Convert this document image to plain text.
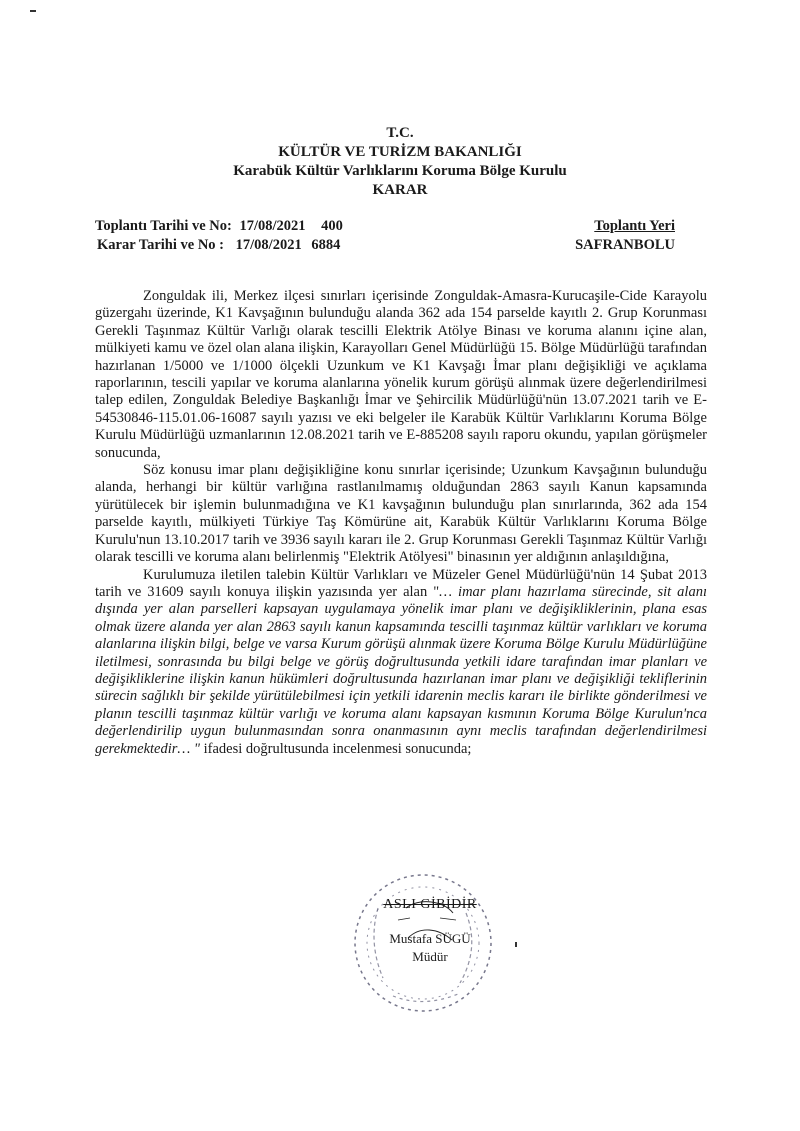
T.C.
KÜLTÜR VE TURİZM BAKANLIĞI
Karabük Kültür Varlıklarını Koruma Bölge Kurulu
KARAR
Toplantı Tarihi ve No: 17/08/2021 400	Toplantı Yeri
Karar Tarihi ve No : 17/08/2021 6884	SAFRANBOLU

Zonguldak ili, Merkez ilçesi sınırları içerisinde Zonguldak-Amasra-Kurucaşile-Cide Karayolu güzergahı üzerinde, K1 Kavşağının bulunduğu alanda 362 ada 154 parselde kayıtlı 2. Grup Korunması Gerekli Taşınmaz Kültür Varlığı olarak tescilli Elektrik Atölye Binası ve koruma alanını içine alan, mülkiyeti kamu ve özel olan alana ilişkin, Karayolları Genel Müdürlüğü 15. Bölge Müdürlüğü tarafından hazırlanan 1/5000 ve 1/1000 ölçekli Uzunkum ve K1 Kavşağı İmar planı değişikliği ve açıklama raporlarının, tescili yapılar ve koruma alanlarına yönelik kurum görüşü alınmak üzere değerlendirilmesi talep edilen, Zonguldak Belediye Başkanlığı İmar ve Şehircilik Müdürlüğü'nün 13.07.2021 tarih ve E-54530846-115.01.06-16087 sayılı yazısı ve eki belgeler ile Karabük Kültür Varlıklarını Koruma Bölge Kurulu Müdürlüğü uzmanlarının 12.08.2021 tarih ve E-885208 sayılı raporu okundu, yapılan görüşmeler sonucunda,

Söz konusu imar planı değişikliğine konu sınırlar içerisinde; Uzunkum Kavşağının bulunduğu alanda, herhangi bir kültür varlığına rastlanılmamış olduğundan 2863 sayılı Kanun kapsamında yürütülecek bir işlemin bulunmadığına ve K1 kavşağının bulunduğu plan sınırlarında, 362 ada 154 parselde kayıtlı, mülkiyeti Türkiye Taş Kömürüne ait, Karabük Kültür Varlıklarını Koruma Bölge Kurulu'nun 13.10.2017 tarih ve 3936 sayılı kararı ile 2. Grup Korunması Gerekli Taşınmaz Kültür Varlığı olarak tescilli ve koruma alanı belirlenmiş "Elektrik Atölyesi" binasının yer aldığının anlaşıldığına,

Kurulumuza iletilen talebin Kültür Varlıkları ve Müzeler Genel Müdürlüğü'nün 14 Şubat 2013 tarih ve 31609 sayılı konuya ilişkin yazısında yer alan "… imar planı hazırlama sürecinde, sit alanı dışında yer alan parselleri kapsayan uygulamaya yönelik imar planı ve değişikliklerinin, plana esas olmak üzere alanda yer alan 2863 sayılı kanun kapsamında tescilli taşınmaz kültür varlıkları ve koruma alanlarına ilişkin bilgi, belge ve varsa Kurum görüşü alınmak üzere Koruma Bölge Kurulu Müdürlüğüne iletilmesi, sonrasında bu bilgi belge ve görüş doğrultusunda yetkili idare tarafından imar planları ve değişikliklerine ilişkin kanun hükümleri doğrultusunda hazırlanan imar planı ve değişikliği tekliflerinin sürecin sağlıklı bir şekilde yürütülebilmesi için yetkili idarenin meclis kararı ile birlikte gönderilmesi ve planın tescilli taşınmaz kültür varlığı ve koruma alanı kapsayan kısmının Koruma Bölge Kurulun'nca değerlendirilip uygun bulunmasından sonra onanmasının aynı meclis tarafından değerlendirilmesi gerekmektedir… " ifadesi doğrultusunda incelenmesi sonucunda;

ASLI GİBİDİR
Mustafa SÜGÜ
Müdür
